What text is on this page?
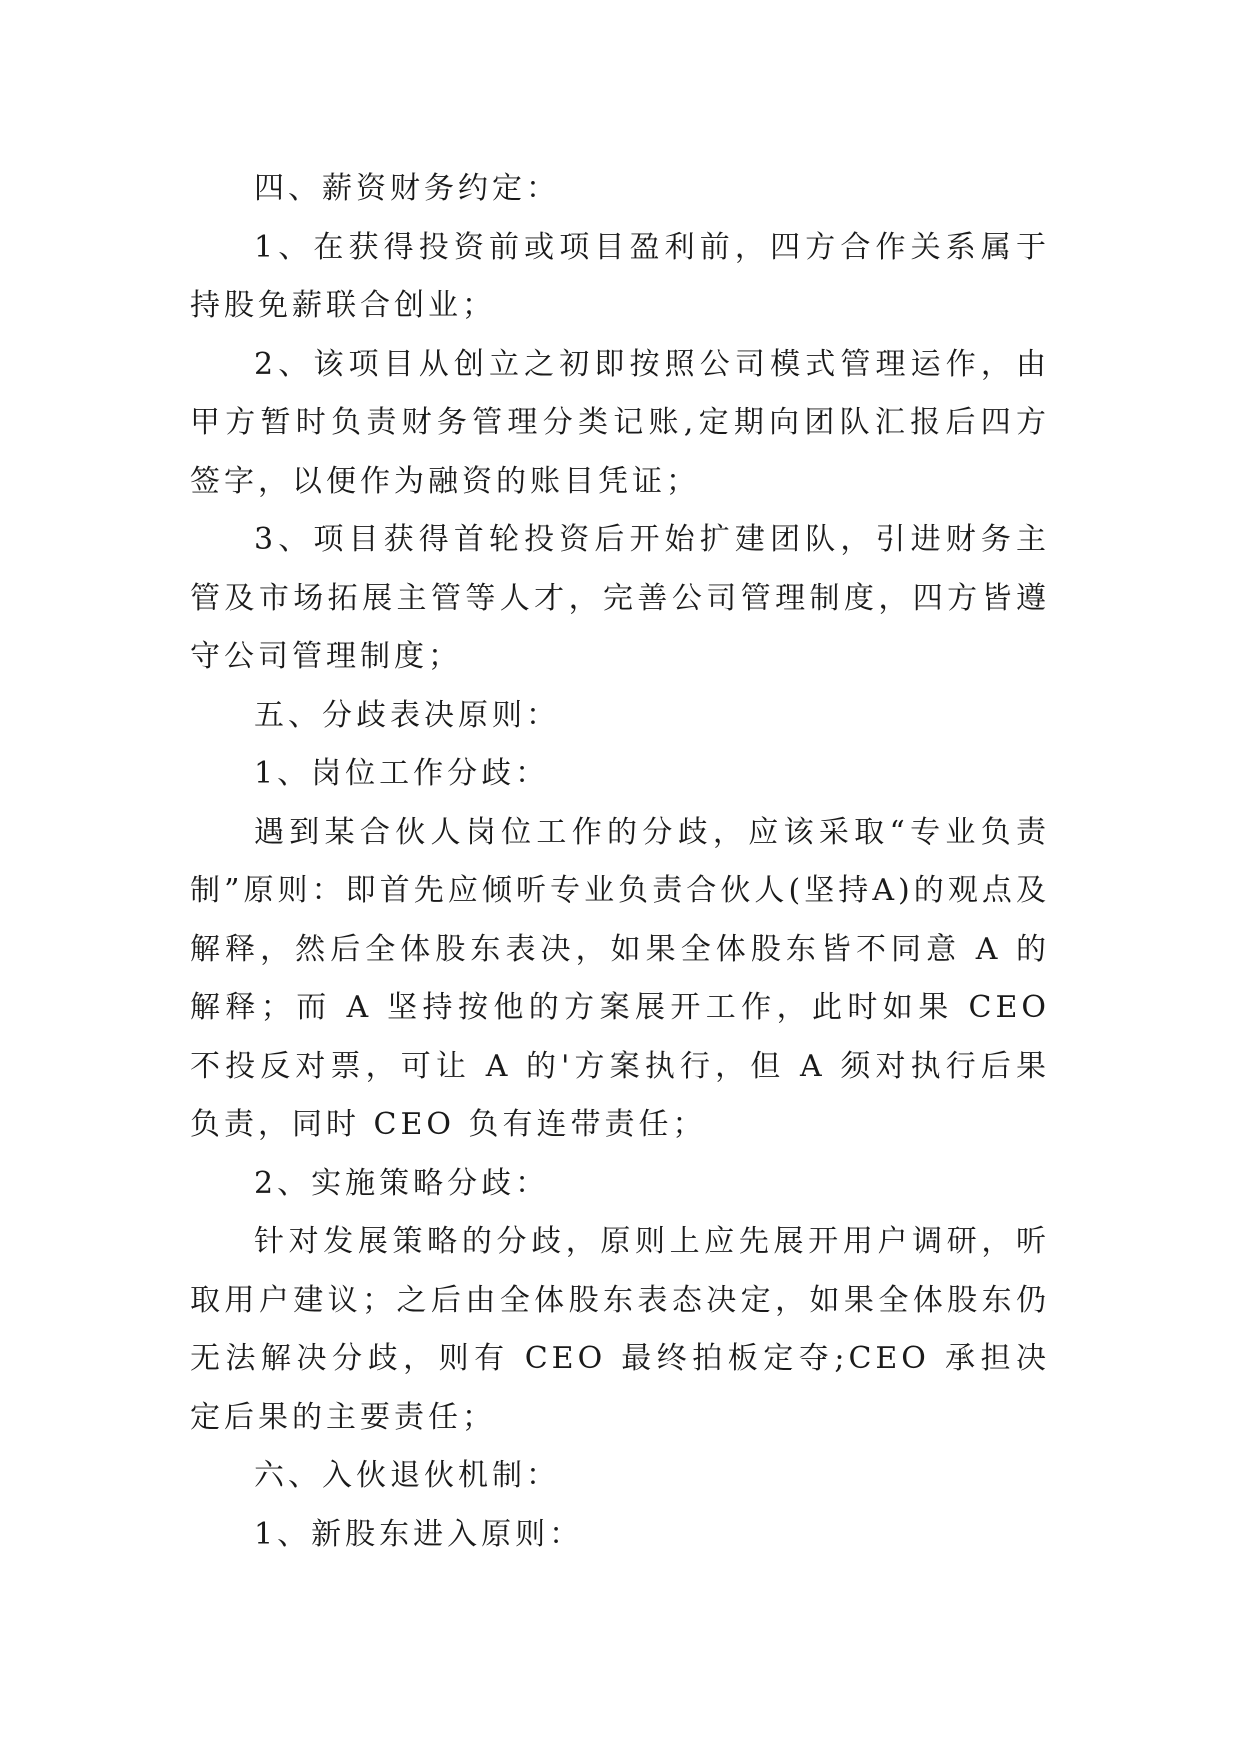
四、薪资财务约定：

1、在获得投资前或项目盈利前，四方合作关系属于持股免薪联合创业；

2、该项目从创立之初即按照公司模式管理运作，由甲方暂时负责财务管理分类记账,定期向团队汇报后四方签字，以便作为融资的账目凭证；

3、项目获得首轮投资后开始扩建团队，引进财务主管及市场拓展主管等人才，完善公司管理制度，四方皆遵守公司管理制度；

五、分歧表决原则：

1、岗位工作分歧：

遇到某合伙人岗位工作的分歧，应该采取“专业负责制”原则：即首先应倾听专业负责合伙人(坚持A)的观点及解释，然后全体股东表决，如果全体股东皆不同意 A 的解释；而 A 坚持按他的方案展开工作，此时如果 CEO 不投反对票，可让 A 的'方案执行，但 A 须对执行后果负责，同时 CEO 负有连带责任；

2、实施策略分歧：

针对发展策略的分歧，原则上应先展开用户调研，听取用户建议；之后由全体股东表态决定，如果全体股东仍无法解决分歧，则有 CEO 最终拍板定夺;CEO 承担决定后果的主要责任；

六、入伙退伙机制：

1、新股东进入原则：
